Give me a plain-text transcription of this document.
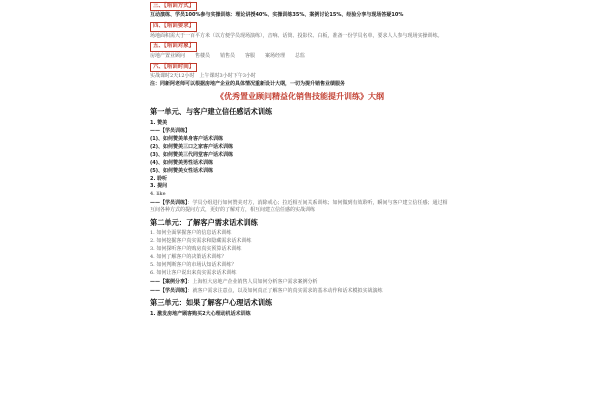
三、【培训方式】
互动演练、学员100%参与实操训练：理论讲授40%、实操训练35%、案例讨论15%、经验分享与现场答疑10%
四、【培训要求】
场地面积需大于一百平方米（以方便学员现场演练），音响、话筒、投影仪、白板，准备一份学员名单，要求人人参与现场实操训练。
五、【培训对象】
房地产置业顾问　　售楼员　　销售员　　客服　　案场经理　　总监
六、【培训时间】
实战课时2天12小时　上午课时3小时下午3小时
注：同新阿老师可以根据房地产企业的具体情况重新设计大纲，一切为提升销售业绩服务
《优秀置业顾问精益化销售技能提升训练》大纲
第一单元、与客户建立信任感话术训练
1. 赞美
——【学员训练】
(1)、如何赞美单身客户话术训练
(2)、如何赞美三口之家客户话术训练
(3)、如何赞美三代同堂客户话术训练
(4)、如何赞美男性话术训练
(5)、如何赞美女性话术训练
2. 聆听
3. 提问
4. like
——【学员训练】：学员分组进行如何赞美对方，消除戒心；拉近相互间关系训练；如何做到有效聆听，瞬间与客户建立信任感；通过相互间各种方式的提问方式，更好的了解对方，相互间建立信任感的实战训练
第二单元：了解客户需求话术训练
1. 如何全面掌握客户的信息话术训练
2. 如何挖掘客户真实需求和隐藏需求话术训练
3. 如何探听客户的购房真实预算话术训练
4. 如何了解客户的决策话术训练？
5. 如何判断客户的市场认知话术训练？
6. 如何让客户说出来真实需求话术训练
——【案例分享】：上海恒大房地产企业销售人员如何分析客户需求案例分析
——【学员训练】：就客户需求注意点，以及如何真正了解客户的真实需求的基本动作和话术模拟实战演练
第三单元：如果了解客户心理话术训练
1. 激发房地产顾客购买2大心理动机话术训练
